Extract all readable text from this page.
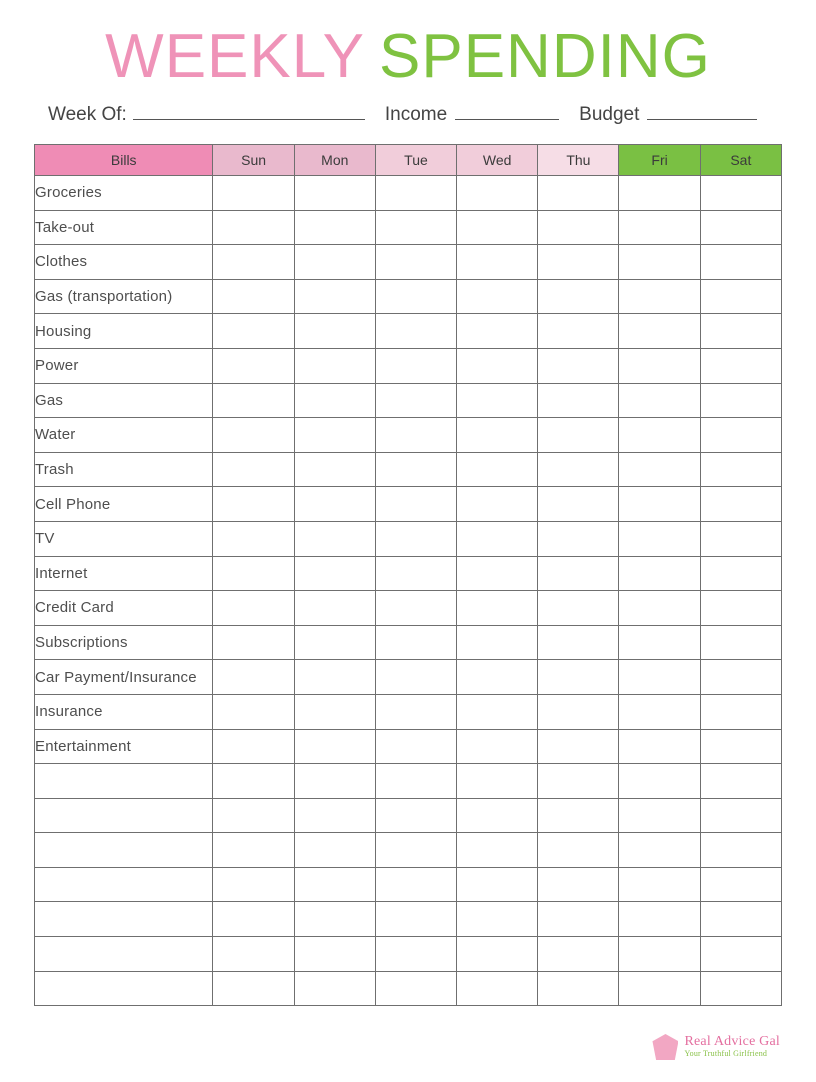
WEEKLY SPENDING
Week Of:	Income	Budget
Bills	Sun	Mon	Tue	Wed	Thu	Fri	Sat
Groceries							
Take-out							
Clothes							
Gas (transportation)							
Housing							
Power							
Gas							
Water							
Trash							
Cell Phone							
TV							
Internet							
Credit Card							
Subscriptions							
Car Payment/Insurance							
Insurance							
Entertainment							

Real Advice Gal
Your Truthful Girlfriend
